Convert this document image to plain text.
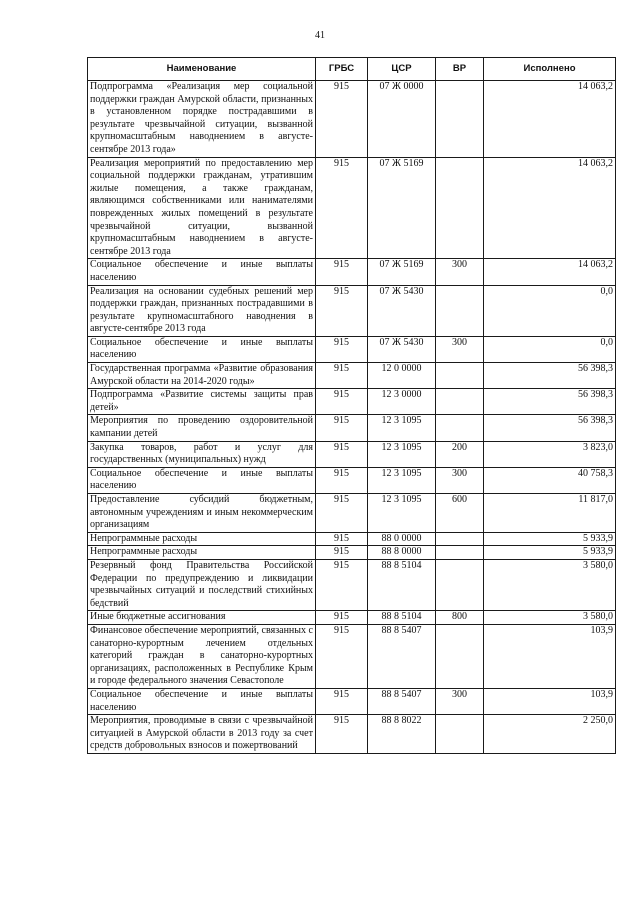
41
Наименование	ГРБС	ЦСР	ВР	Исполнено
Подпрограмма «Реализация мер социальной поддержки граждан Амурской области, признанных в установленном порядке пострадавшими в результате чрезвычайной ситуации, вызванной крупномасштабным наводнением в августе-сентябре 2013 года»	915	07 Ж 0000		14 063,2
Реализация мероприятий по предоставлению мер социальной поддержки гражданам, утратившим жилые помещения, а также гражданам, являющимся собственниками или нанимателями поврежденных жилых помещений в результате чрезвычайной ситуации, вызванной крупномасштабным наводнением в августе-сентябре 2013 года	915	07 Ж 5169		14 063,2
Социальное обеспечение и иные выплаты населению	915	07 Ж 5169	300	14 063,2
Реализация на основании судебных решений мер поддержки граждан, признанных пострадавшими в результате крупномасштабного наводнения в августе-сентябре 2013 года	915	07 Ж 5430		0,0
Социальное обеспечение и иные выплаты населению	915	07 Ж 5430	300	0,0
Государственная программа «Развитие образования Амурской области на 2014-2020 годы»	915	12 0 0000		56 398,3
Подпрограмма «Развитие системы защиты прав детей»	915	12 3 0000		56 398,3
Мероприятия по проведению оздоровительной кампании детей	915	12 3 1095		56 398,3
Закупка товаров, работ и услуг для государственных (муниципальных) нужд	915	12 3 1095	200	3 823,0
Социальное обеспечение и иные выплаты населению	915	12 3 1095	300	40 758,3
Предоставление субсидий бюджетным, автономным учреждениям и иным некоммерческим организациям	915	12 3 1095	600	11 817,0
Непрограммные расходы	915	88 0 0000		5 933,9
Непрограммные расходы	915	88 8 0000		5 933,9
Резервный фонд Правительства Российской Федерации по предупреждению и ликвидации чрезвычайных ситуаций и последствий стихийных бедствий	915	88 8 5104		3 580,0
Иные бюджетные ассигнования	915	88 8 5104	800	3 580,0
Финансовое обеспечение мероприятий, связанных с санаторно-курортным лечением отдельных категорий граждан в санаторно-курортных организациях, расположенных в Республике Крым и городе федерального значения Севастополе	915	88 8 5407		103,9
Социальное обеспечение и иные выплаты населению	915	88 8 5407	300	103,9
Мероприятия, проводимые в связи с чрезвычайной ситуацией в Амурской области в 2013 году за счет средств добровольных взносов и пожертвований	915	88 8 8022		2 250,0
